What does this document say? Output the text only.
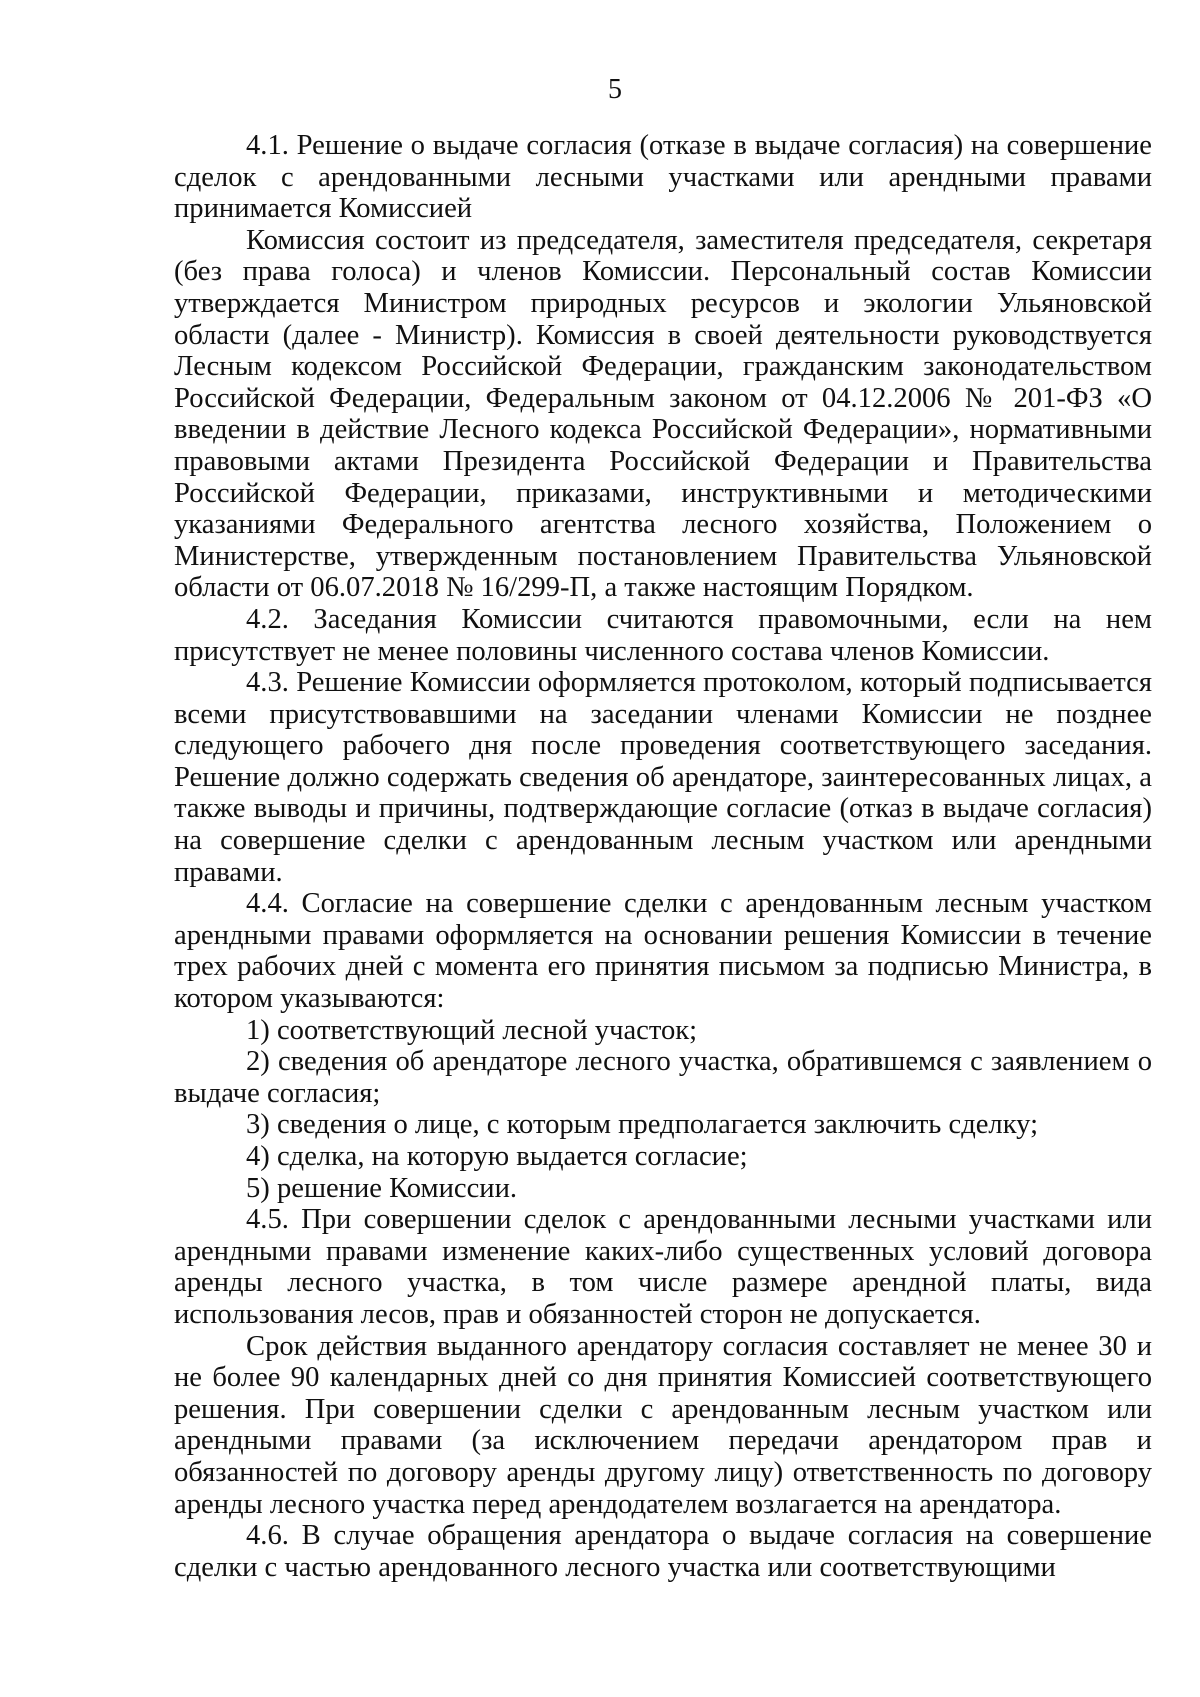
5

4.1. Решение о выдаче согласия (отказе в выдаче согласия) на совершение сделок с арендованными лесными участками или арендными правами принимается Комиссией

Комиссия состоит из председателя, заместителя председателя, секретаря (без права голоса) и членов Комиссии. Персональный состав Комиссии утверждается Министром природных ресурсов и экологии Ульяновской области (далее - Министр). Комиссия в своей деятельности руководствуется Лесным кодексом Российской Федерации, гражданским законодательством Российской Федерации, Федеральным законом от 04.12.2006 № 201-ФЗ «О введении в действие Лесного кодекса Российской Федерации», нормативными правовыми актами Президента Российской Федерации и Правительства Российской Федерации, приказами, инструктивными и методическими указаниями Федерального агентства лесного хозяйства, Положением о Министерстве, утвержденным постановлением Правительства Ульяновской области от 06.07.2018 № 16/299-П, а также настоящим Порядком.

4.2. Заседания Комиссии считаются правомочными, если на нем присутствует не менее половины численного состава членов Комиссии.

4.3. Решение Комиссии оформляется протоколом, который подписывается всеми присутствовавшими на заседании членами Комиссии не позднее следующего рабочего дня после проведения соответствующего заседания. Решение должно содержать сведения об арендаторе, заинтересованных лицах, а также выводы и причины, подтверждающие согласие (отказ в выдаче согласия) на совершение сделки с арендованным лесным участком или арендными правами.

4.4. Согласие на совершение сделки с арендованным лесным участком арендными правами оформляется на основании решения Комиссии в течение трех рабочих дней с момента его принятия письмом за подписью Министра, в котором указываются:

1) соответствующий лесной участок;

2) сведения об арендаторе лесного участка, обратившемся с заявлением о выдаче согласия;

3) сведения о лице, с которым предполагается заключить сделку;

4) сделка, на которую выдается согласие;

5) решение Комиссии.

4.5. При совершении сделок с арендованными лесными участками или арендными правами изменение каких-либо существенных условий договора аренды лесного участка, в том числе размере арендной платы, вида использования лесов, прав и обязанностей сторон не допускается.

Срок действия выданного арендатору согласия составляет не менее 30 и не более 90 календарных дней со дня принятия Комиссией соответствующего решения. При совершении сделки с арендованным лесным участком или арендными правами (за исключением передачи арендатором прав и обязанностей по договору аренды другому лицу) ответственность по договору аренды лесного участка перед арендодателем возлагается на арендатора.

4.6. В случае обращения арендатора о выдаче согласия на совершение сделки с частью арендованного лесного участка или соответствующими
